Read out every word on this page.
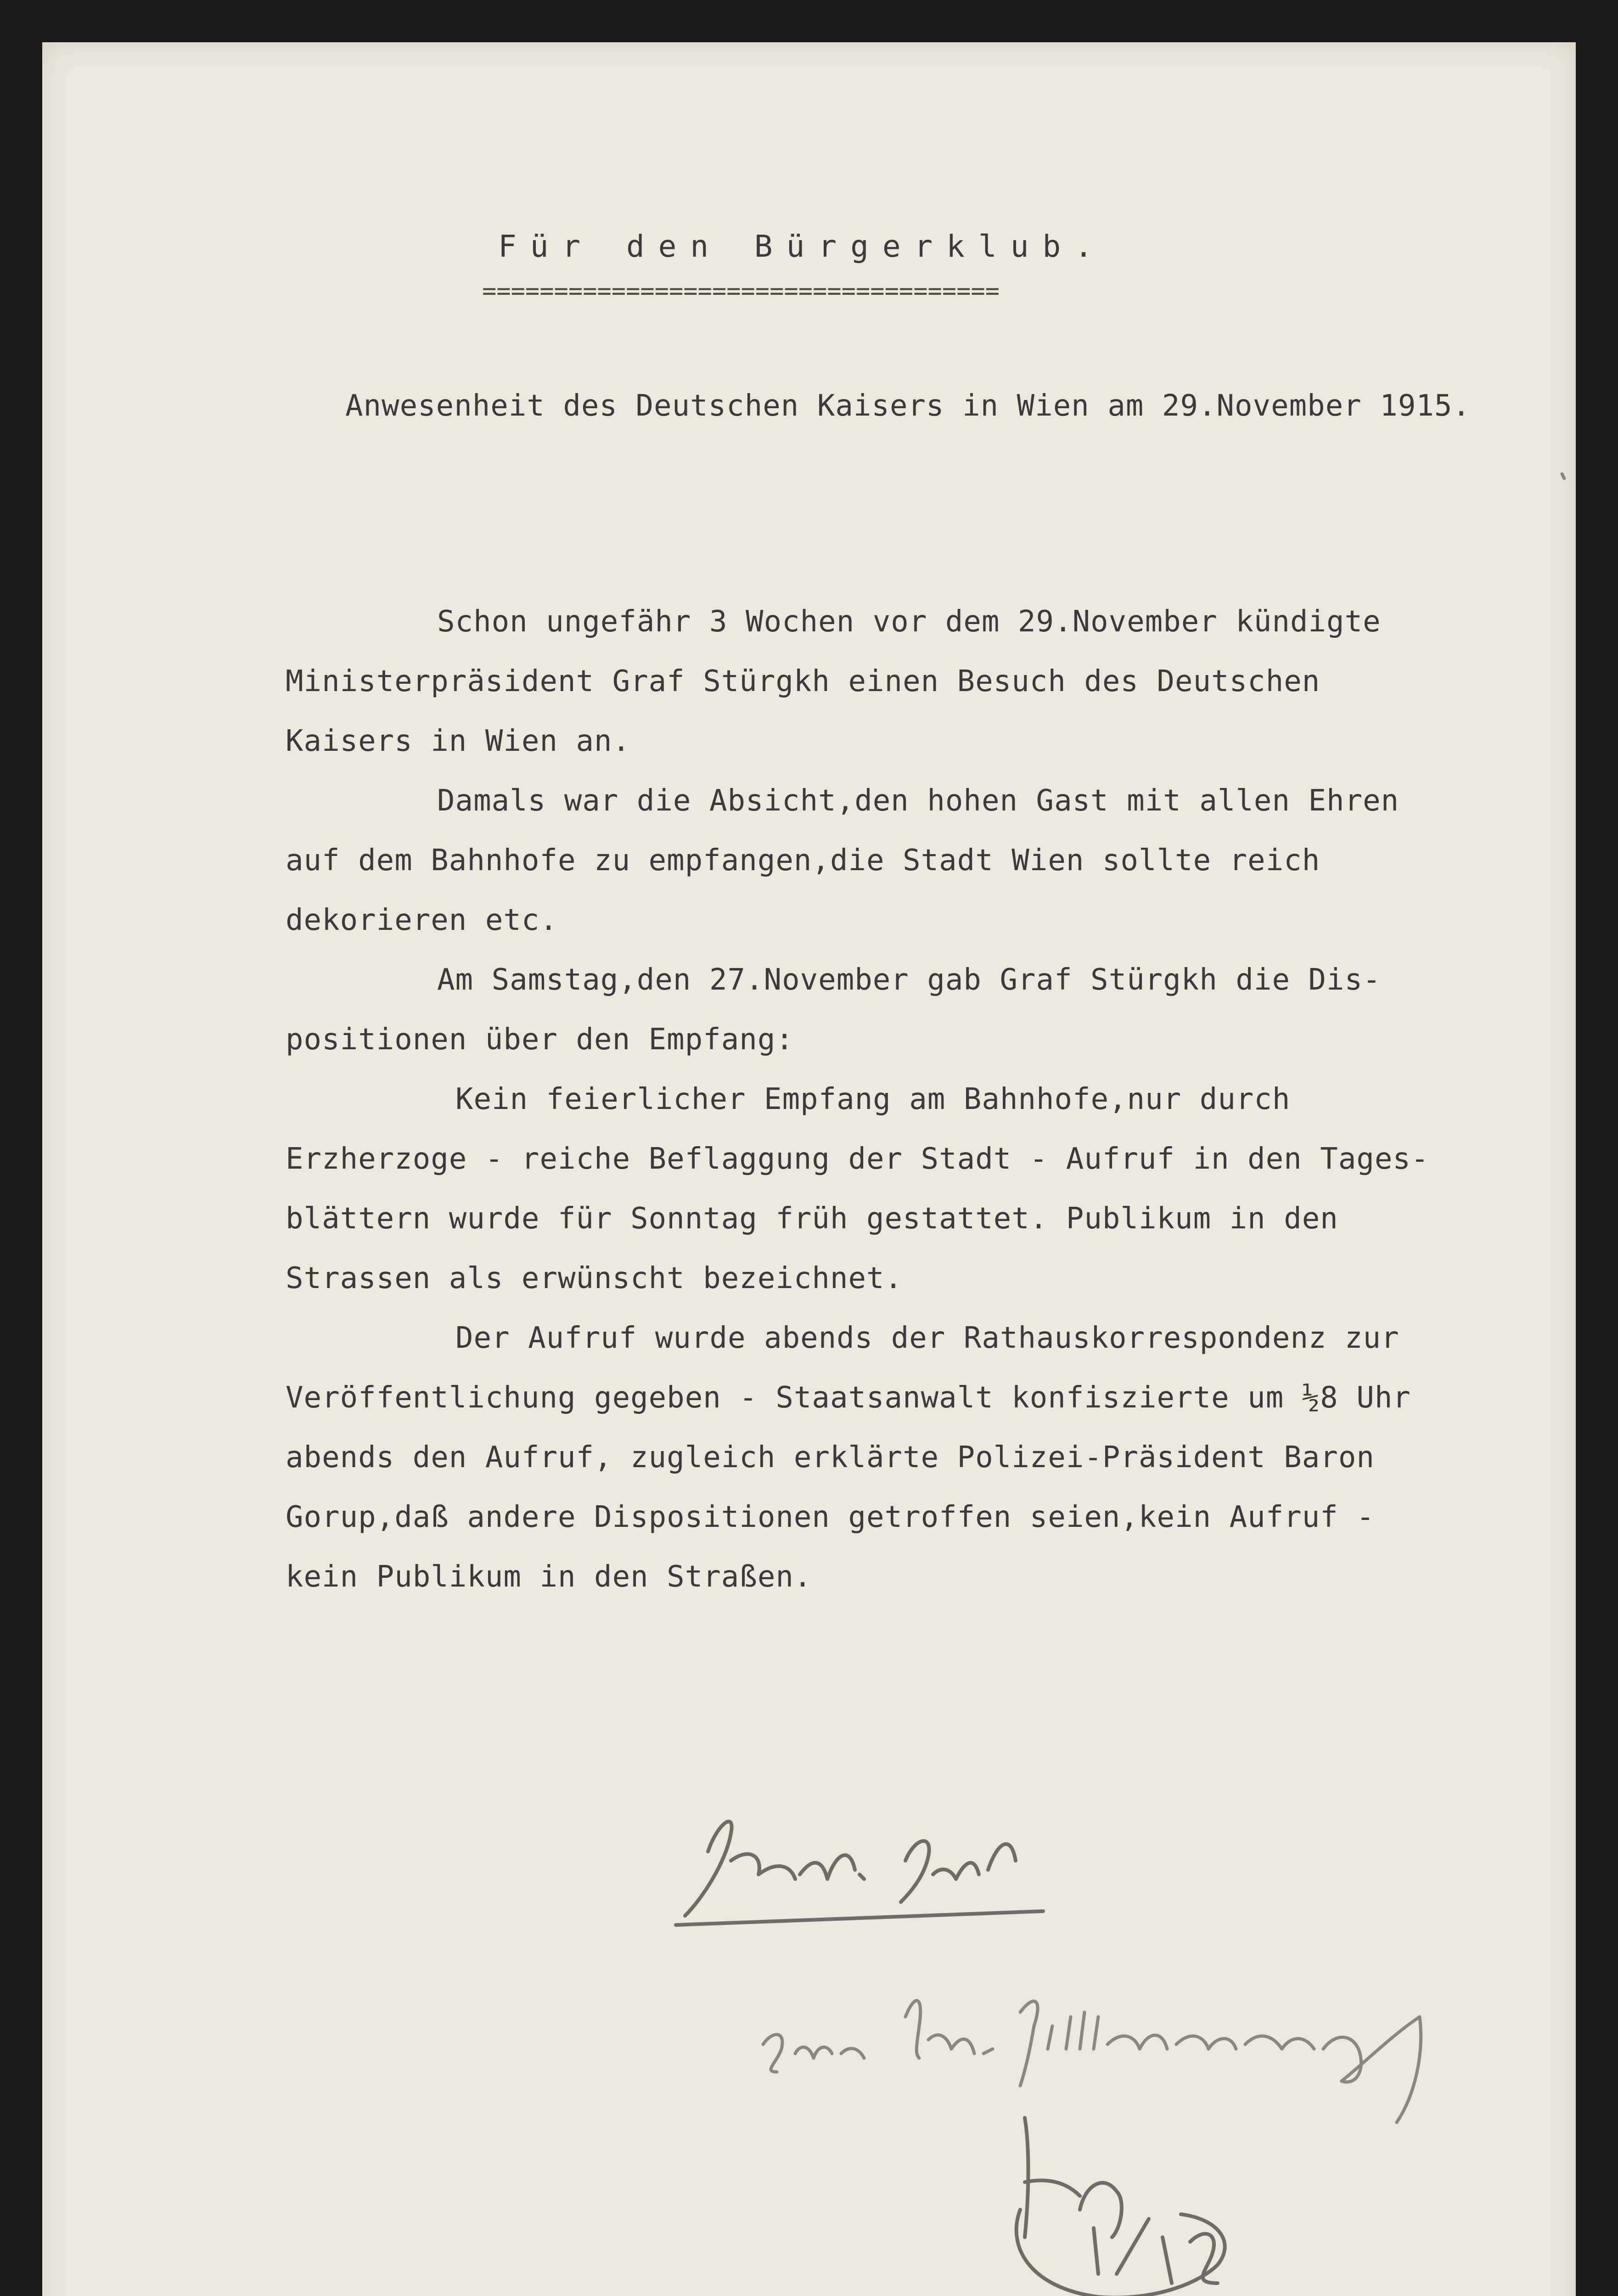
Für den Bürgerklub.
====================================
Anwesenheit des Deutschen Kaisers in Wien am 29.November 1915.
Schon ungefähr 3 Wochen vor dem 29.November kündigte
Ministerpräsident Graf Stürgkh einen Besuch des Deutschen
Kaisers in Wien an.
Damals war die Absicht,den hohen Gast mit allen Ehren
auf dem Bahnhofe zu empfangen,die Stadt Wien sollte reich
dekorieren etc.
Am Samstag,den 27.November gab Graf Stürgkh die Dis-
positionen über den Empfang:
Kein feierlicher Empfang am Bahnhofe,nur durch
Erzherzoge - reiche Beflaggung der Stadt - Aufruf in den Tages-
blättern wurde für Sonntag früh gestattet. Publikum in den
Strassen als erwünscht bezeichnet.
Der Aufruf wurde abends der Rathauskorrespondenz zur
Veröffentlichung gegeben - Staatsanwalt konfiszierte um ½8 Uhr
abends den Aufruf, zugleich erklärte Polizei-Präsident Baron
Gorup,daß andere Dispositionen getroffen seien,kein Aufruf -
kein Publikum in den Straßen.
